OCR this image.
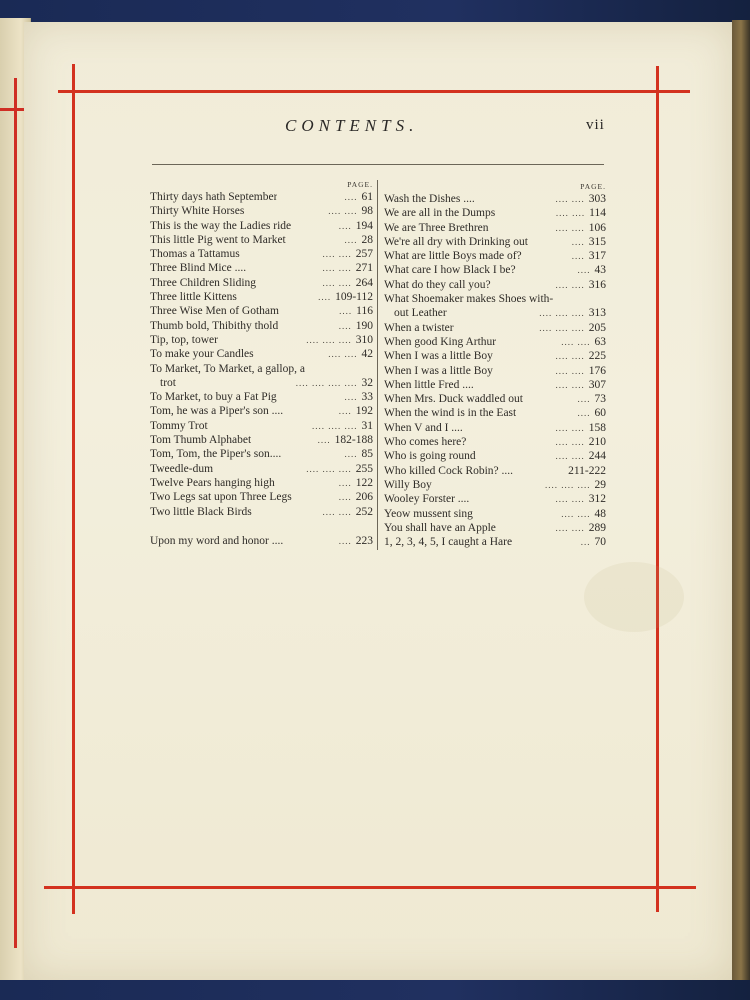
CONTENTS.	vii
PAGE.
Thirty days hath September	.... 61
Thirty White Horses	.... .... 98
This is the way the Ladies ride	.... 194
This little Pig went to Market	.... 28
Thomas a Tattamus	.... .... 257
Three Blind Mice ....	.... .... 271
Three Children Sliding	.... .... 264
Three little Kittens	.... 109-112
Three Wise Men of Gotham	.... 116
Thumb bold, Thibithy thold	.... 190
Tip, top, tower	.... .... .... 310
To make your Candles	.... .... 42
To Market, To Market, a gallop, a
trot	.... .... .... .... 32
To Market, to buy a Fat Pig	.... 33
Tom, he was a Piper's son ....	.... 192
Tommy Trot	.... .... .... 31
Tom Thumb Alphabet	.... 182-188
Tom, Tom, the Piper's son....	.... 85
Tweedle-dum	.... .... .... 255
Twelve Pears hanging high	.... 122
Two Legs sat upon Three Legs	.... 206
Two little Black Birds	.... .... 252
Upon my word and honor ....	.... 223
PAGE.
Wash the Dishes ....	.... .... 303
We are all in the Dumps	.... .... 114
We are Three Brethren	.... .... 106
We're all dry with Drinking out	.... 315
What are little Boys made of?	.... 317
What care I how Black I be?	.... 43
What do they call you?	.... .... 316
What Shoemaker makes Shoes with-
out Leather	.... .... .... 313
When a twister	.... .... .... 205
When good King Arthur	.... .... 63
When I was a little Boy	.... .... 225
When I was a little Boy	.... .... 176
When little Fred ....	.... .... 307
When Mrs. Duck waddled out	.... 73
When the wind is in the East	.... 60
When V and I ....	.... .... 158
Who comes here?	.... .... 210
Who is going round	.... .... 244
Who killed Cock Robin? ....	211-222
Willy Boy	.... .... .... 29
Wooley Forster ....	.... .... 312
Yeow mussent sing	.... .... 48
You shall have an Apple	.... .... 289
1, 2, 3, 4, 5, I caught a Hare	... 70
